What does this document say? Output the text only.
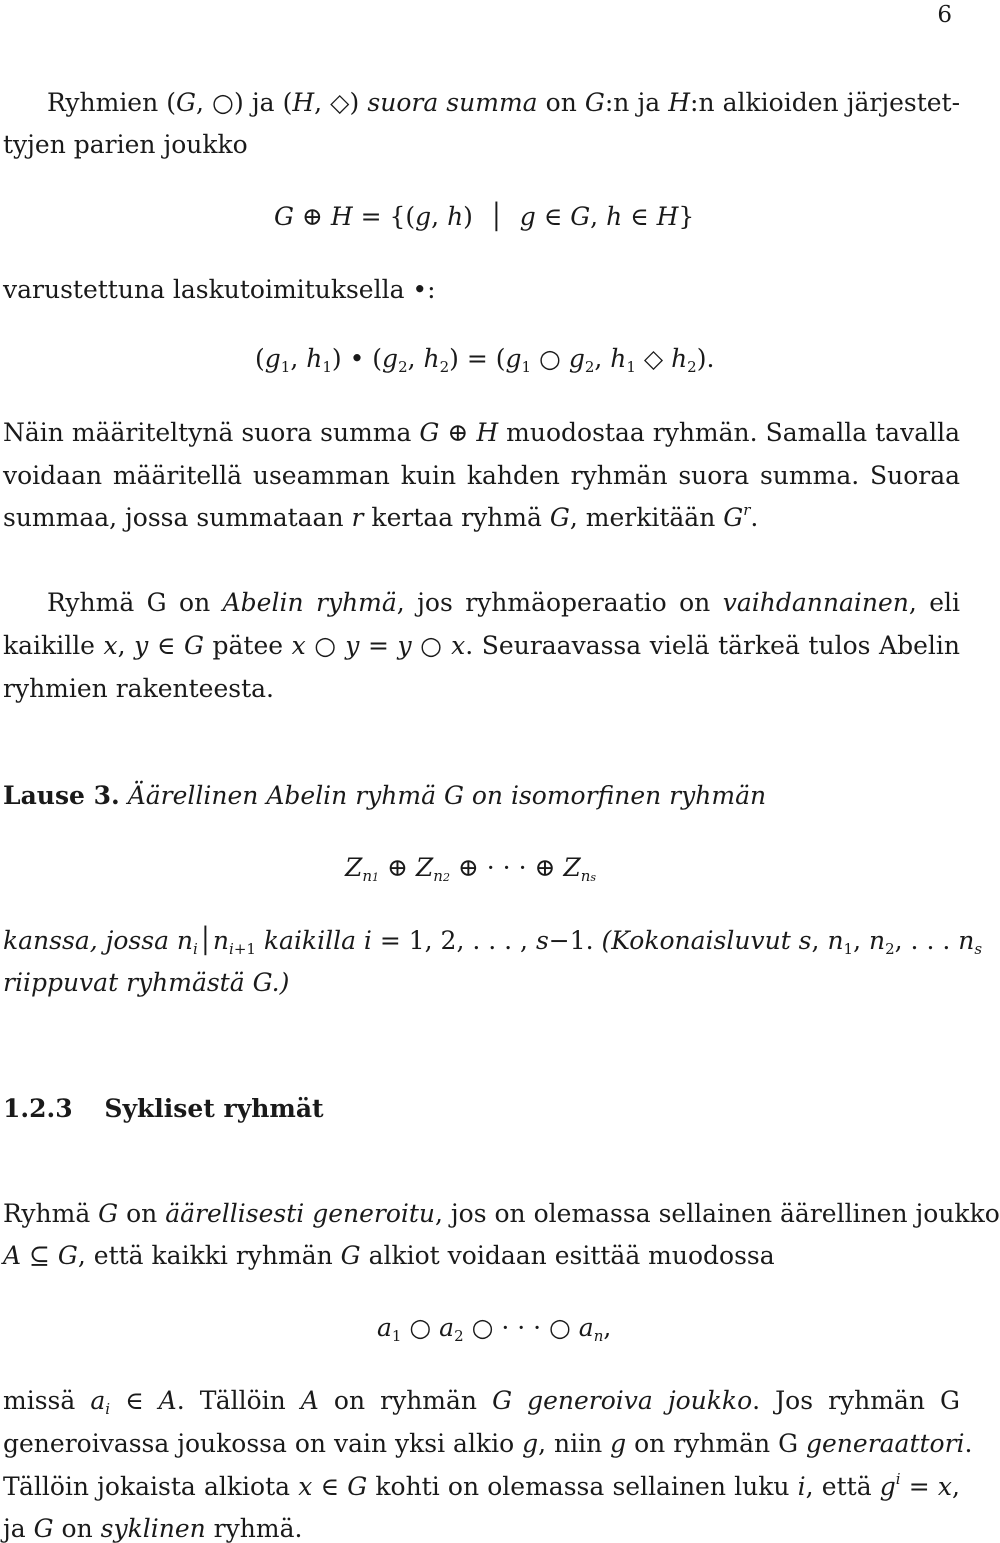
6
Ryhmien (G, ○) ja (H, ◇) suora summa on G:n ja H:n alkioiden järjestet-
tyjen parien joukko
G ⊕ H = {(g, h)  │  g ∈ G, h ∈ H}
varustettuna laskutoimituksella •:
($g_1$, $h_1$) • ($g_2$, $h_2) = (g_1$ ○ $g_2$, $h_1$ ◇ $h_2$).
Näin määriteltynä suora summa G ⊕ H muodostaa ryhmän. Samalla tavalla
voidaan määritellä useamman kuin kahden ryhmän suora summa. Suoraa
summaa, jossa summataan r kertaa ryhmä G, merkitään $G^r$.
Ryhmä G on Abelin ryhmä, jos ryhmäoperaatio on vaihdannainen, eli
kaikille x, y ∈ G pätee x ○ y = y ○ x. Seuraavassa vielä tärkeä tulos Abelin
ryhmien rakenteesta.
Lause 3. Äärellinen Abelin ryhmä G on isomorfinen ryhmän
$Z_{n1}$ ⊕ $Z_{n2}$ ⊕ · · · ⊕ $Z_{ns}$
kanssa, jossa $n_i│n_{i+1}$ kaikilla i = 1, 2, . . . , s−1. (Kokonaisluvut s, $n_1$, $n_2$, . . . $n_s$
riippuvat ryhmästä G.)
1.2.3 Sykliset ryhmät
Ryhmä G on äärellisesti generoitu, jos on olemassa sellainen äärellinen joukko
A ⊆ G, että kaikki ryhmän G alkiot voidaan esittää muodossa
$a_1$ ○ $a_2$ ○ · · · ○ $a_n$,
missä $a_i$ ∈ A. Tällöin A on ryhmän G generoiva joukko. Jos ryhmän G
generoivassa joukossa on vain yksi alkio g, niin g on ryhmän G generaattori.
Tällöin jokaista alkiota x ∈ G kohti on olemassa sellainen luku i, että $g^i = x$,
ja G on syklinen ryhmä.
